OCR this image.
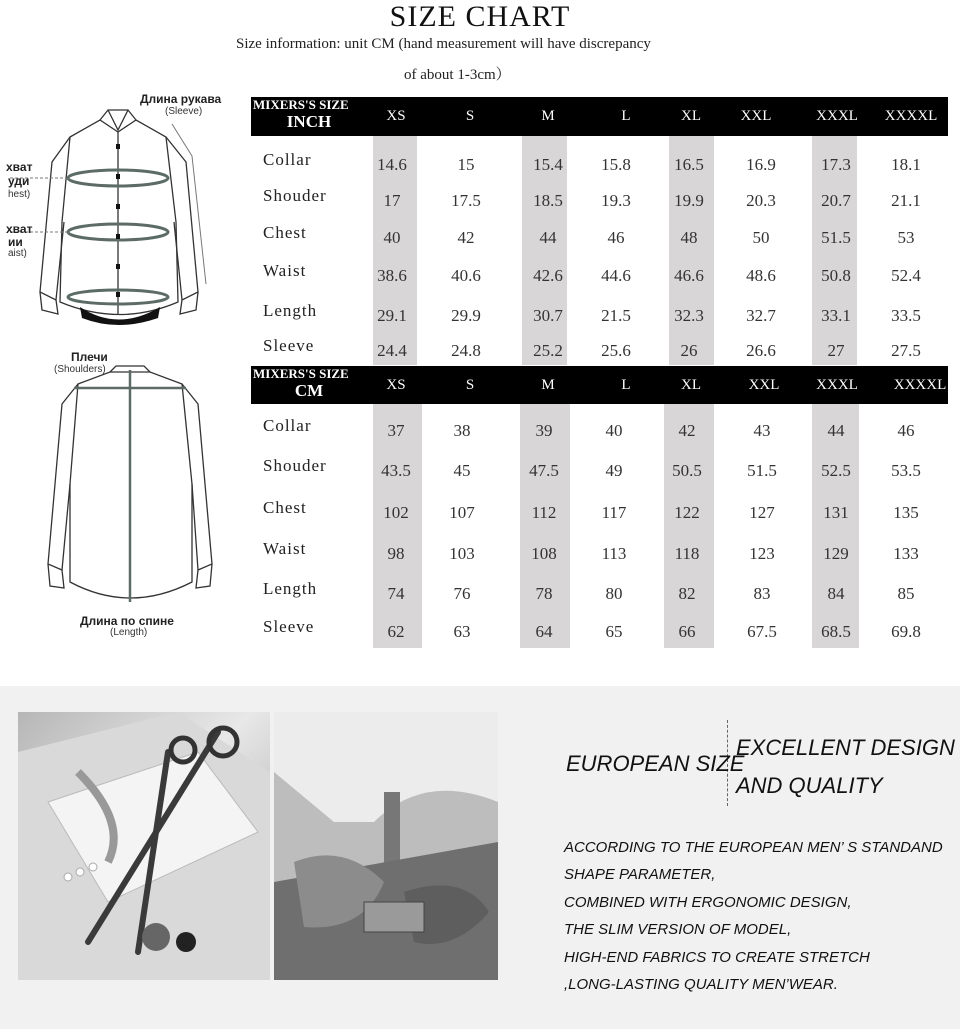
SIZE CHART
Size information: unit CM (hand measurement will have discrepancy
of about 1-3cm）
Длина рукава
(Sleeve)
хват
уди
hest)
хват
ии
aist)
Плечи
(Shoulders)
Длина по спине
(Length)
MIXERS'S SIZE
INCH	XS	S	M	L	XL	XXL	XXXL XXXXL
Collar	14.6	15	15.4 15.8	16.5 16.9	17.3 18.1
Shouder	17	17.5	18.5 19.3	19.9 20.3	20.7 21.1
Chest	40	42	44	46	48	50	51.5	53
Waist	38.6	40.6	42.6 44.6	46.6 48.6	50.8 52.4
Length	29.1	29.9	30.7 21.5	32.3 32.7	33.1 33.5
Sleeve	24.4	24.8	25.2 25.6	26	26.6	27	27.5
MIXERS'S SIZE
CM	XS	S	M	L	XL	XXL XXXL XXXXL
Collar	37	38	39	40	42	43	44	46
Shouder	43.5	45	47.5	49	50.5	51.5	52.5 53.5
Chest	102 107	112	117	122	127	131	135
Waist	98	103	108	113	118	123	129	133
Length	74	76	78	80	82	83	84	85
Sleeve	62	63	64	65	66	67.5	68.5 69.8
EUROPEAN SIZE
EXCELLENT DESIGN
AND QUALITY
ACCORDING TO THE EUROPEAN MEN’ S STANDAND
SHAPE PARAMETER,
COMBINED WITH ERGONOMIC DESIGN,
THE SLIM VERSION OF MODEL,
HIGH-END FABRICS TO CREATE STRETCH
,LONG-LASTING QUALITY MEN’WEAR.
